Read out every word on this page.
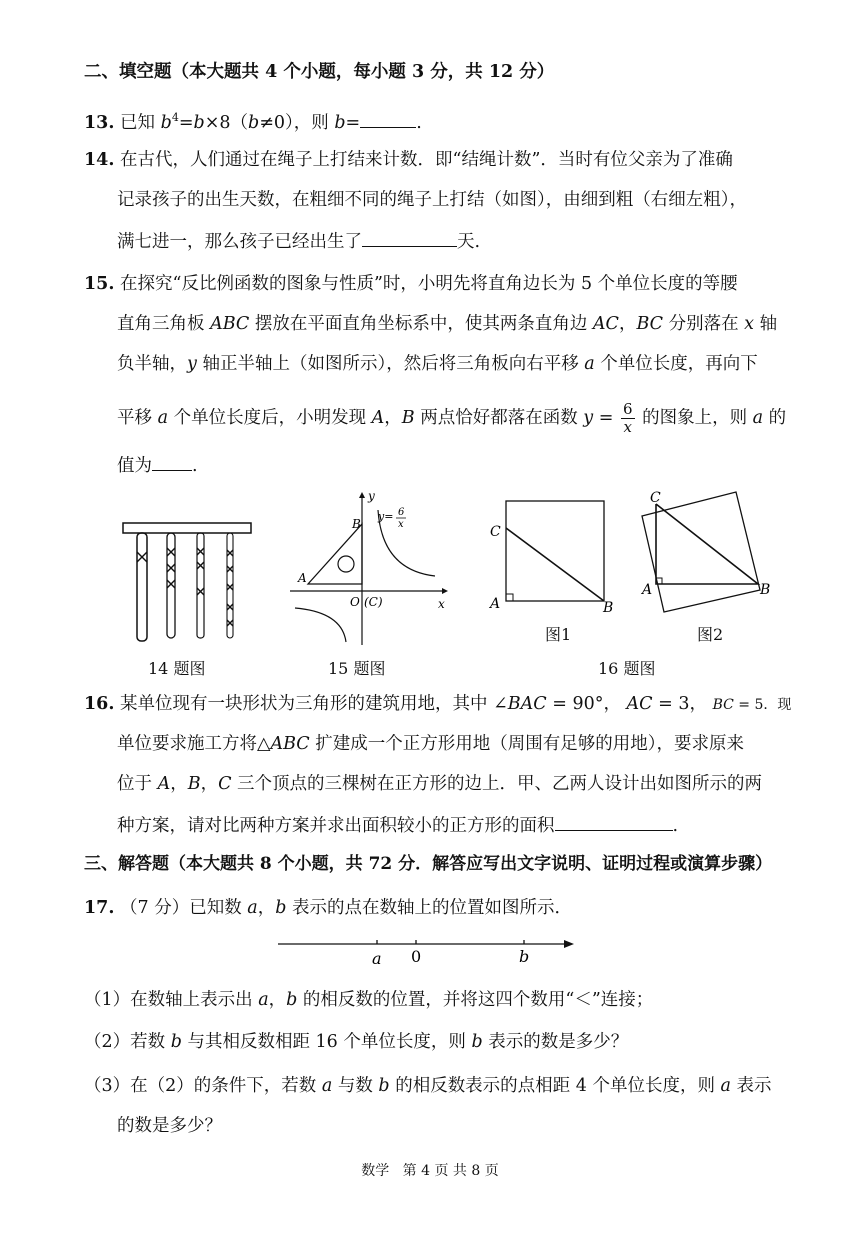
二、填空题（本大题共 4 个小题，每小题 3 分，共 12 分）
13. 已知 $b^4=b\times 8(b\ne 0)$，则 b=	.
14. 在古代，人们通过在绳子上打结来计数．即“结绳计数”．当时有位父亲为了准确
记录孩子的出生天数，在粗细不同的绳子上打结（如图），由细到粗（右细左粗），
满七进一，那么孩子已经出生了	天.
15. 在探究“反比例函数的图象与性质”时，小明先将直角边长为 5 个单位长度的等腰
直角三角板 ABC 摆放在平面直角坐标系中，使其两条直角边 AC，BC 分别落在 x 轴
负半轴，y 轴正半轴上（如图所示），然后将三角板向右平移 a 个单位长度，再向下
平移 a 个单位长度后，小明发现 A，B 两点恰好都落在函数 $y = \frac{6}{x}$ 的图象上，则 a 的
值为 .
14 题图
y
x
y= 6
x
A
B
O (C)
15 题图
C
A	B
图1
C
A	B
图2
16 题图
16. 某单位现有一块形状为三角形的建筑用地，其中 ∠BAC = 90°， AC = 3， BC = 5．现
单位要求施工方将△ABC 扩建成一个正方形用地（周围有足够的用地），要求原来
位于 A，B，C 三个顶点的三棵树在正方形的边上．甲、乙两人设计出如图所示的两
种方案，请对比两种方案并求出面积较小的正方形的面积	.
三、解答题（本大题共 8 个小题，共 72 分．解答应写出文字说明、证明过程或演算步骤）
17. （7 分）已知数 a，b 表示的点在数轴上的位置如图所示．
a 0	b
（1）在数轴上表示出 a，b 的相反数的位置，并将这四个数用“＜”连接；
（2）若数 b 与其相反数相距 16 个单位长度，则 b 表示的数是多少？
（3）在（2）的条件下，若数 a 与数 b 的相反数表示的点相距 4 个单位长度，则 a 表示
的数是多少？
数学 第 4 页 共 8 页
